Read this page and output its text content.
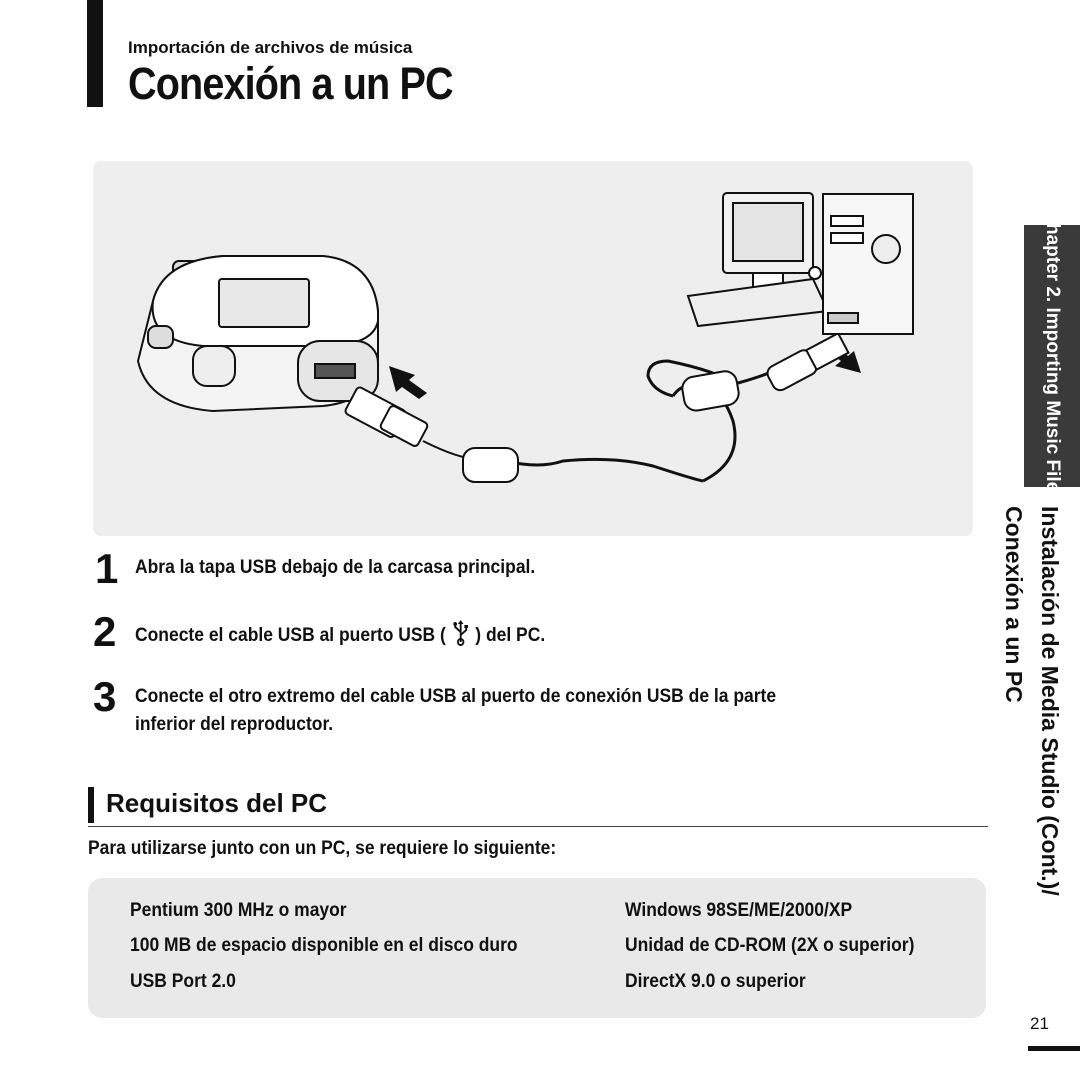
Importación de archivos de música
Conexión a un PC
1 Abra la tapa USB debajo de la carcasa principal.
2 Conecte el cable USB al puerto USB ( ) del PC.
3 Conecte el otro extremo del cable USB al puerto de conexión USB de la parte
inferior del reproductor.
Requisitos del PC
Para utilizarse junto con un PC, se requiere lo siguiente:
Pentium 300 MHz o mayor
100 MB de espacio disponible en el disco duro
USB Port 2.0
Windows 98SE/ME/2000/XP
Unidad de CD-ROM (2X o superior)
DirectX 9.0 o superior
Chapter 2. Importing Music Files
Instalación de Media Studio (Cont.)/
Conexión a un PC
21
